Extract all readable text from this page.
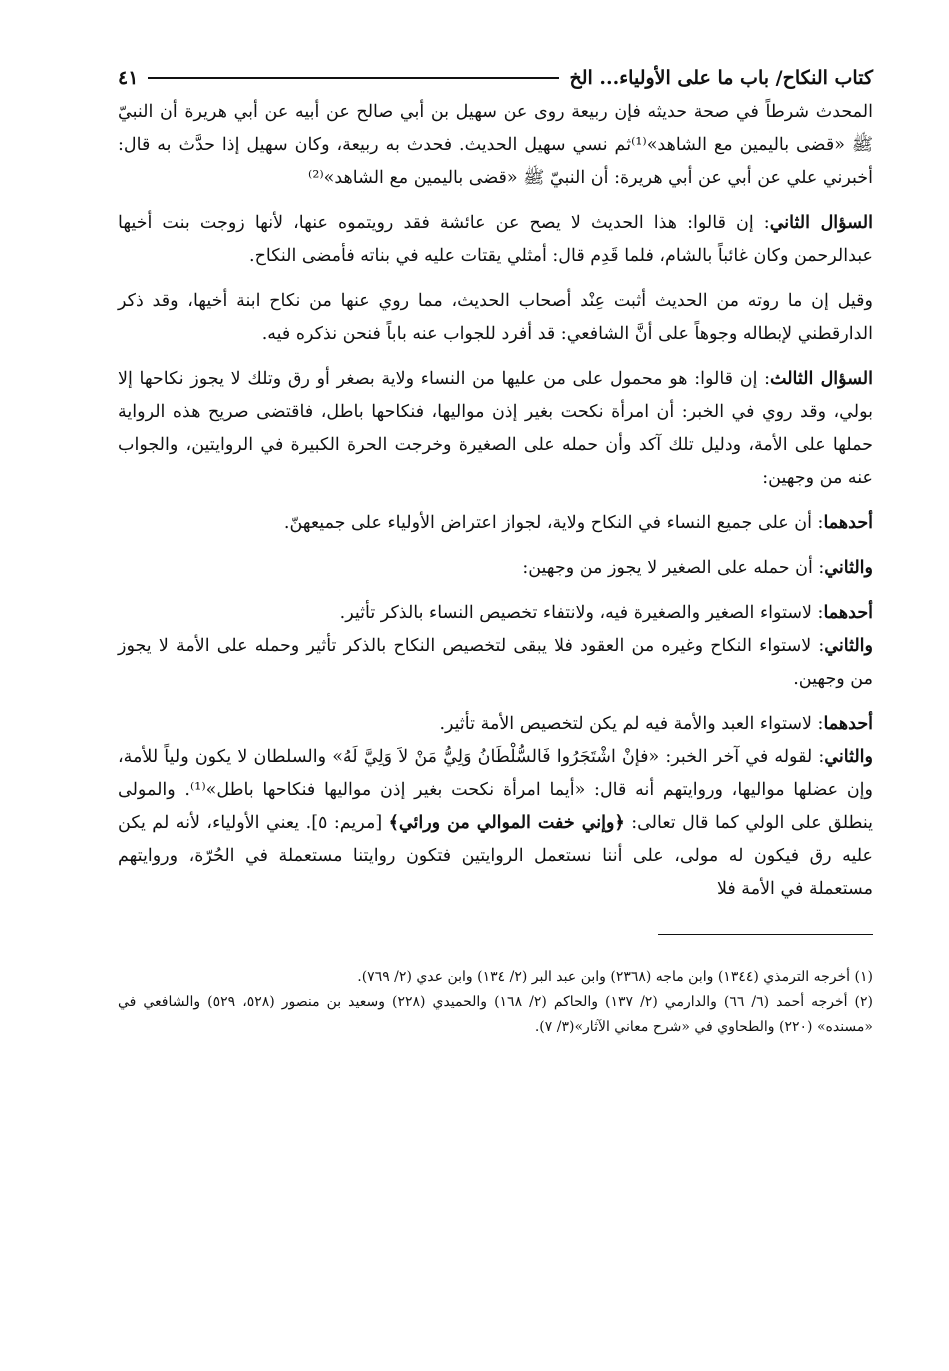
كتاب النكاح/ باب ما على الأولياء... الخ
٤١

المحدث شرطاً في صحة حديثه فإن ربيعة روى عن سهيل بن أبي صالح عن أبيه عن أبي هريرة أن النبيّ ﷺ «قضى باليمين مع الشاهد»⁽¹⁾ثم نسي سهيل الحديث. فحدث به ربيعة، وكان سهيل إذا حدَّث به قال: أخبرني علي عن أبي عن أبي هريرة: أن النبيّ ﷺ «قضى باليمين مع الشاهد»⁽²⁾

السؤال الثاني: إن قالوا: هذا الحديث لا يصح عن عائشة فقد رويتموه عنها، لأنها زوجت بنت أخيها عبدالرحمن وكان غائباً بالشام، فلما قَدِم قال: أمثلي يقتات عليه في بناته فأمضى النكاح.

وقيل إن ما روته من الحديث أثبت عِنْد أصحاب الحديث، مما روي عنها من نكاح ابنة أخيها، وقد ذكر الدارقطني لإبطاله وجوهاً على أنَّ الشافعي: قد أفرد للجواب عنه باباً فنحن نذكره فيه.

السؤال الثالث: إن قالوا: هو محمول على من عليها من النساء ولاية بصغر أو رق وتلك لا يجوز نكاحها إلا بولي، وقد روي في الخبر: أن امرأة نكحت بغير إذن مواليها، فنكاحها باطل، فاقتضى صريح هذه الرواية حملها على الأمة، ودليل تلك آكد وأن حمله على الصغيرة وخرجت الحرة الكبيرة في الروايتين، والجواب عنه من وجهين:

أحدهما: أن على جميع النساء في النكاح ولاية، لجواز اعتراض الأولياء على جميعهنّ.

والثاني: أن حمله على الصغير لا يجوز من وجهين:

أحدهما: لاستواء الصغير والصغيرة فيه، ولانتفاء تخصيص النساء بالذكر تأثير.

والثاني: لاستواء النكاح وغيره من العقود فلا يبقى لتخصيص النكاح بالذكر تأثير وحمله على الأمة لا يجوز من وجهين.

أحدهما: لاستواء العبد والأمة فيه لم يكن لتخصيص الأمة تأثير.

والثاني: لقوله في آخر الخبر: «فإنْ اشْتَجَرُوا فَالسُّلْطَانُ وَلِيُّ مَنْ لاَ وَلِيَّ لَهُ» والسلطان لا يكون ولياً للأمة، وإن عضلها مواليها، وروايتهم أنه قال: «أيما امرأة نكحت بغير إذن مواليها فنكاحها باطل»⁽¹⁾. والمولى ينطلق على الولي كما قال تعالى: ﴿وإني خفت الموالي من ورائي﴾ [مريم: ٥]. يعني الأولياء، لأنه لم يكن عليه رق فيكون له مولى، على أننا نستعمل الروايتين فتكون روايتنا مستعملة في الحُرّة، وروايتهم مستعملة في الأمة فلا

(١) أخرجه الترمذي (١٣٤٤) وابن ماجه (٢٣٦٨) وابن عبد البر (٢/ ١٣٤) وابن عدي (٢/ ٧٦٩).

(٢) أخرجه أحمد (٦/ ٦٦) والدارمي (٢/ ١٣٧) والحاكم (٢/ ١٦٨) والحميدي (٢٢٨) وسعيد بن منصور (٥٢٨، ٥٢٩) والشافعي في «مسنده» (٢٢٠) والطحاوي في «شرح معاني الآثار»(٣/ ٧).
